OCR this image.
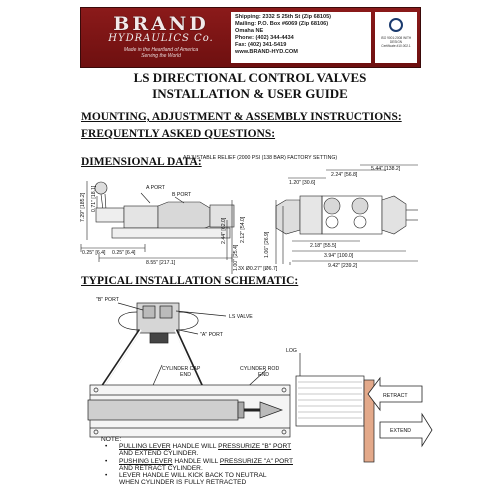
BRAND
HYDRAULICS Co.
Made in the Heartland of America
Serving the World
Shipping: 2332 S 25th St (Zip 68105)
Mailing: P.O. Box #6069 (Zip 68106)
Omaha NE
Phone: (402) 344-4434
Fax: (402) 341-5419
www.BRAND-HYD.COM
ISO 9001:2008 WITH DESIGN
Certificate #10.002.1
LS DIRECTIONAL CONTROL VALVES
INSTALLATION & USER GUIDE
MOUNTING, ADJUSTMENT & ASSEMBLY INSTRUCTIONS:
FREQUENTLY ASKED QUESTIONS:
DIMENSIONAL DATA:
TYPICAL INSTALLATION SCHEMATIC:
ADJUSTABLE RELIEF (2000 PSI (138 BAR) FACTORY SETTING)
A PORT
B PORT
7.29" [185.2] 0.71" [18.1]
2.44" [62.0]	2.12" [54.0]
1.00" [25.4]	1.06" [26.9]
0.25" [6.4] 0.25" [6.4]
8.55" [217.1]
5.44" [138.2]
2.24" [56.8]
1.20" [30.6]
2.18" [55.5]
3.94" [100.0]
9.42" [239.2]
3X Ø0.27" [Ø6.7]
"B" PORT
LS VALVE
"A" PORT
CYLINDER CAP
END
CYLINDER ROD
END
LOG
RETRACT
EXTEND
NOTE:
• PULLING LEVER HANDLE WILL PRESSURIZE "B" PORT
AND EXTEND CYLINDER.
• PUSHING LEVER HANDLE WILL PRESSURIZE "A" PORT
AND RETRACT CYLINDER.
• LEVER HANDLE WILL KICK BACK TO NEUTRAL
WHEN CYLINDER IS FULLY RETRACTED
